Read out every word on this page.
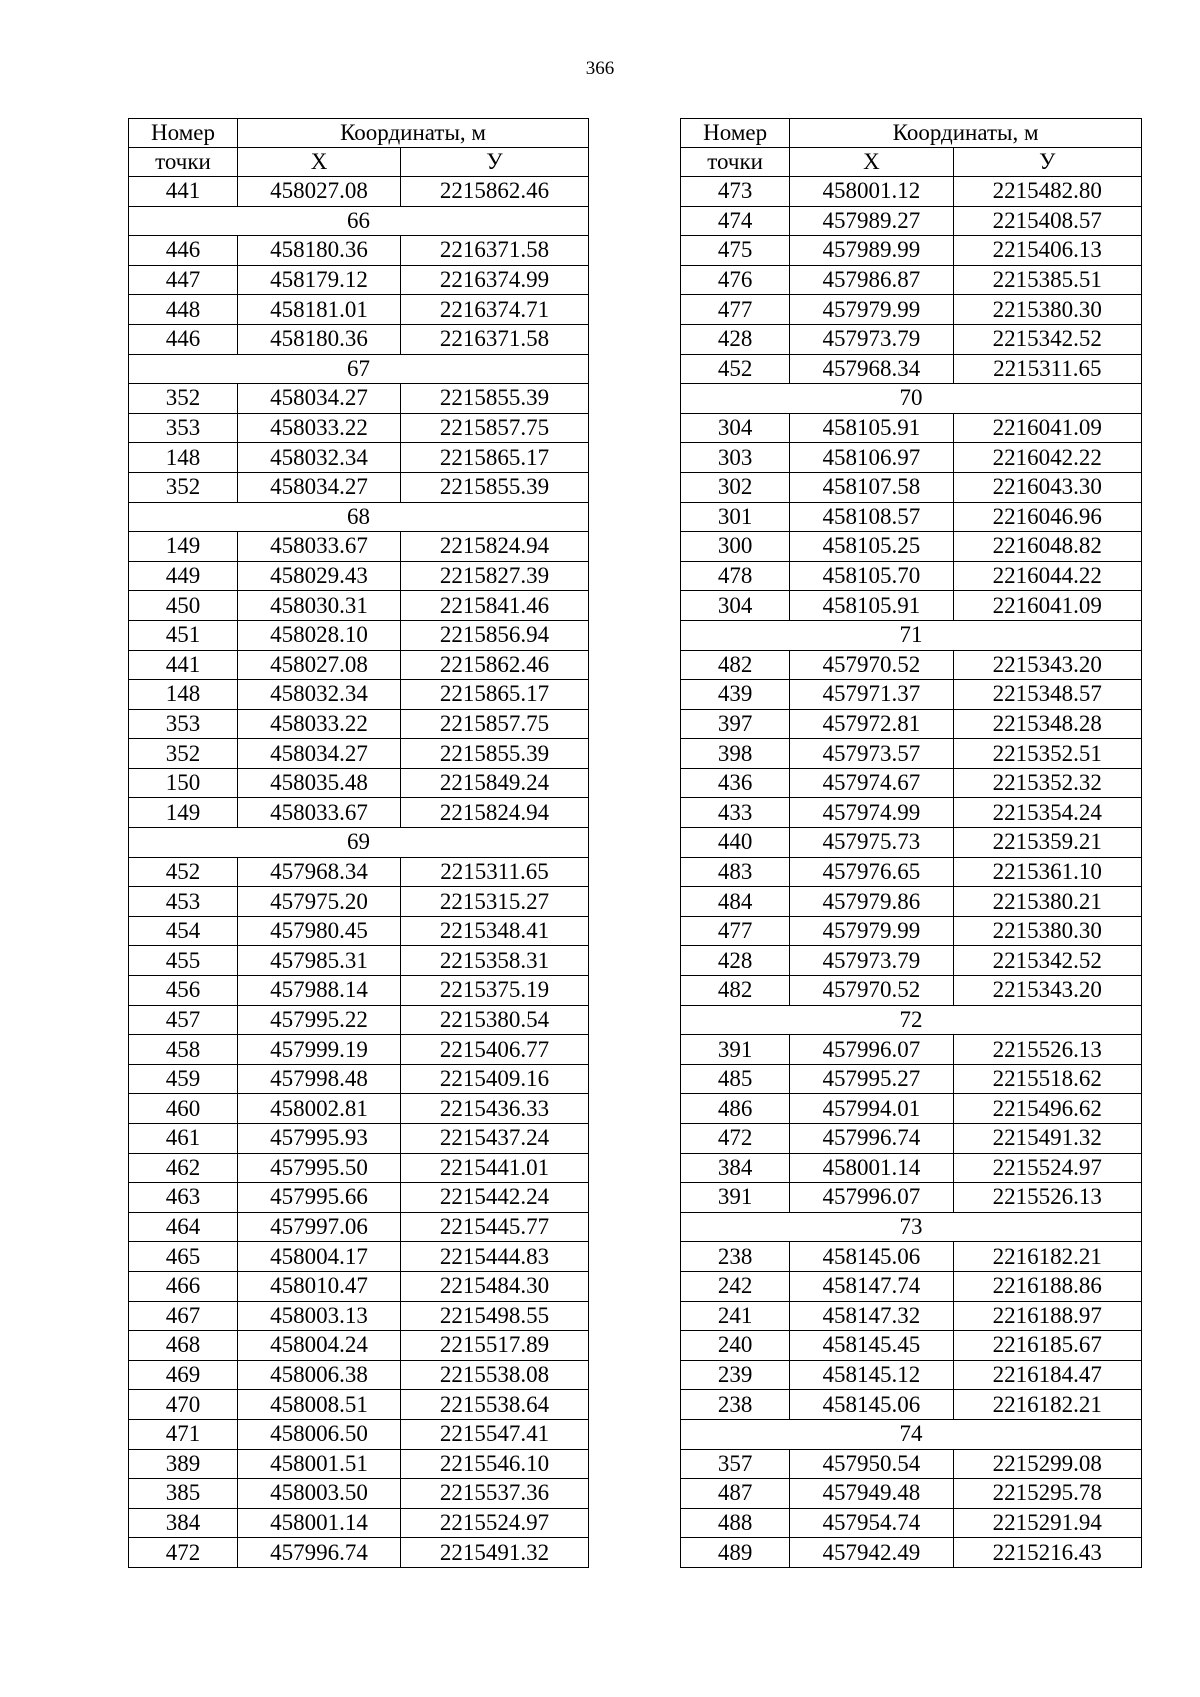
366
Номер	Координаты, м	
точки	X	У
441	458027.08	2215862.46
66		
446	458180.36	2216371.58
447	458179.12	2216374.99
448	458181.01	2216374.71
446	458180.36	2216371.58
67		
352	458034.27	2215855.39
353	458033.22	2215857.75
148	458032.34	2215865.17
352	458034.27	2215855.39
68		
149	458033.67	2215824.94
449	458029.43	2215827.39
450	458030.31	2215841.46
451	458028.10	2215856.94
441	458027.08	2215862.46
148	458032.34	2215865.17
353	458033.22	2215857.75
352	458034.27	2215855.39
150	458035.48	2215849.24
149	458033.67	2215824.94
69		
452	457968.34	2215311.65
453	457975.20	2215315.27
454	457980.45	2215348.41
455	457985.31	2215358.31
456	457988.14	2215375.19
457	457995.22	2215380.54
458	457999.19	2215406.77
459	457998.48	2215409.16
460	458002.81	2215436.33
461	457995.93	2215437.24
462	457995.50	2215441.01
463	457995.66	2215442.24
464	457997.06	2215445.77
465	458004.17	2215444.83
466	458010.47	2215484.30
467	458003.13	2215498.55
468	458004.24	2215517.89
469	458006.38	2215538.08
470	458008.51	2215538.64
471	458006.50	2215547.41
389	458001.51	2215546.10
385	458003.50	2215537.36
384	458001.14	2215524.97
472	457996.74	2215491.32
Номер	Координаты, м	
точки	X	У
473	458001.12	2215482.80
474	457989.27	2215408.57
475	457989.99	2215406.13
476	457986.87	2215385.51
477	457979.99	2215380.30
428	457973.79	2215342.52
452	457968.34	2215311.65
70		
304	458105.91	2216041.09
303	458106.97	2216042.22
302	458107.58	2216043.30
301	458108.57	2216046.96
300	458105.25	2216048.82
478	458105.70	2216044.22
304	458105.91	2216041.09
71		
482	457970.52	2215343.20
439	457971.37	2215348.57
397	457972.81	2215348.28
398	457973.57	2215352.51
436	457974.67	2215352.32
433	457974.99	2215354.24
440	457975.73	2215359.21
483	457976.65	2215361.10
484	457979.86	2215380.21
477	457979.99	2215380.30
428	457973.79	2215342.52
482	457970.52	2215343.20
72		
391	457996.07	2215526.13
485	457995.27	2215518.62
486	457994.01	2215496.62
472	457996.74	2215491.32
384	458001.14	2215524.97
391	457996.07	2215526.13
73		
238	458145.06	2216182.21
242	458147.74	2216188.86
241	458147.32	2216188.97
240	458145.45	2216185.67
239	458145.12	2216184.47
238	458145.06	2216182.21
74		
357	457950.54	2215299.08
487	457949.48	2215295.78
488	457954.74	2215291.94
489	457942.49	2215216.43
